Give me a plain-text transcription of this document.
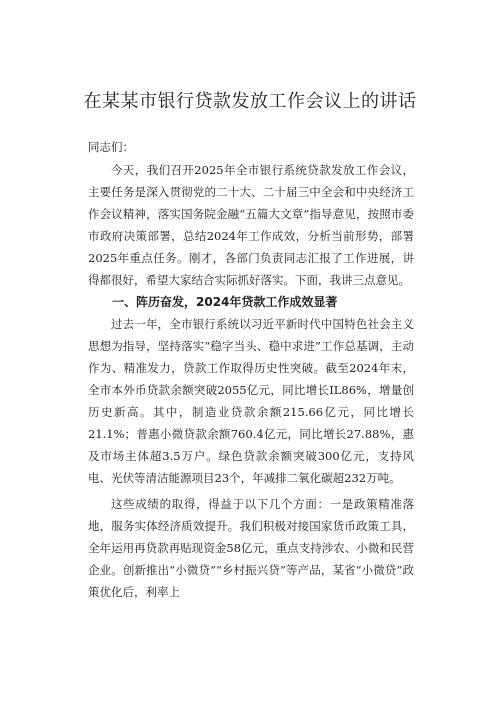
在某某市银行贷款发放工作会议上的讲话

同志们：

今天，我们召开2025年全市银行系统贷款发放工作会议，主要任务是深入贯彻党的二十大、二十届三中全会和中央经济工作会议精神，落实国务院金融“五篇大文章”指导意见，按照市委市政府决策部署，总结2024年工作成效，分析当前形势，部署2025年重点任务。刚才，各部门负责同志汇报了工作进展，讲得都很好，希望大家结合实际抓好落实。下面，我讲三点意见。

一、阵历奋发，2024年贷款工作成效显著

过去一年，全市银行系统以习近平新时代中国特色社会主义思想为指导，坚持落实“稳字当头、稳中求进”工作总基调，主动作为、精准发力，贷款工作取得历史性突破。截至2024年末，全市本外币贷款余额突破2055亿元，同比增长IL86%，增量创历史新高。其中，制造业贷款余额215.66亿元，同比增长21.1%；普惠小微贷款余额760.4亿元，同比增长27.88%，惠及市场主体超3.5万户。绿色贷款余额突破300亿元，支持风电、光伏等清洁能源项目23个，年减排二氧化碳超232万吨。

这些成绩的取得，得益于以下几个方面：一是政策精准落地，服务实体经济质效提升。我们积极对接国家货币政策工具，全年运用再贷款再贴现资金58亿元，重点支持涉农、小微和民营企业。创新推出“小微贷”“乡村振兴贷”等产品，某省“小微贷”政策优化后，利率上
